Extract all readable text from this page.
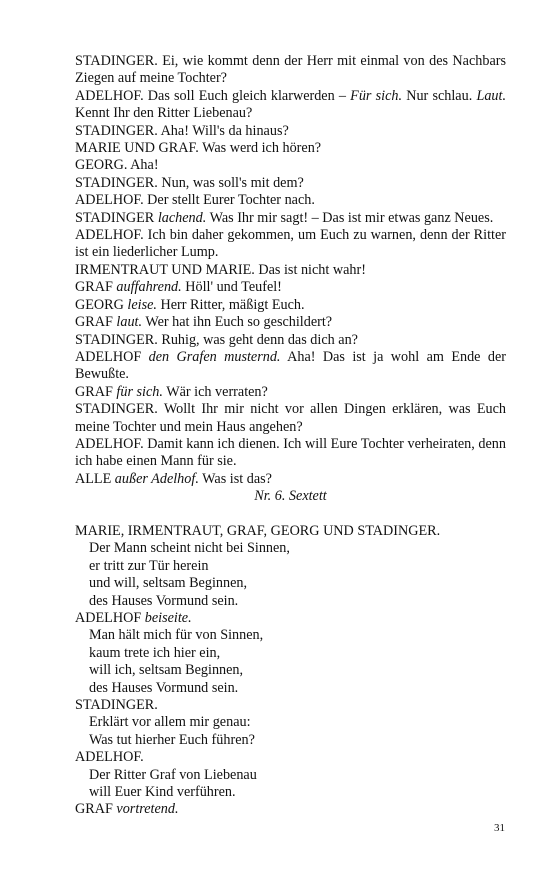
STADINGER. Ei, wie kommt denn der Herr mit einmal von des Nachbars Ziegen auf meine Tochter?

ADELHOF. Das soll Euch gleich klarwerden – Für sich. Nur schlau. Laut. Kennt Ihr den Ritter Liebenau?

STADINGER. Aha! Will's da hinaus?

MARIE UND GRAF. Was werd ich hören?

GEORG. Aha!

STADINGER. Nun, was soll's mit dem?

ADELHOF. Der stellt Eurer Tochter nach.

STADINGER lachend. Was Ihr mir sagt! – Das ist mir etwas ganz Neues.

ADELHOF. Ich bin daher gekommen, um Euch zu warnen, denn der Ritter ist ein liederlicher Lump.

IRMENTRAUT UND MARIE. Das ist nicht wahr!

GRAF auffahrend. Höll' und Teufel!

GEORG leise. Herr Ritter, mäßigt Euch.

GRAF laut. Wer hat ihn Euch so geschildert?

STADINGER. Ruhig, was geht denn das dich an?

ADELHOF den Grafen musternd. Aha! Das ist ja wohl am Ende der Bewußte.

GRAF für sich. Wär ich verraten?

STADINGER. Wollt Ihr mir nicht vor allen Dingen erklären, was Euch meine Tochter und mein Haus angehen?

ADELHOF. Damit kann ich dienen. Ich will Eure Tochter verheiraten, denn ich habe einen Mann für sie.

ALLE außer Adelhof. Was ist das?

Nr. 6. Sextett

MARIE, IRMENTRAUT, GRAF, GEORG UND STADINGER.

Der Mann scheint nicht bei Sinnen,

er tritt zur Tür herein

und will, seltsam Beginnen,

des Hauses Vormund sein.

ADELHOF beiseite.

Man hält mich für von Sinnen,

kaum trete ich hier ein,

will ich, seltsam Beginnen,

des Hauses Vormund sein.

STADINGER.

Erklärt vor allem mir genau:

Was tut hierher Euch führen?

ADELHOF.

Der Ritter Graf von Liebenau

will Euer Kind verführen.

GRAF vortretend.

31
